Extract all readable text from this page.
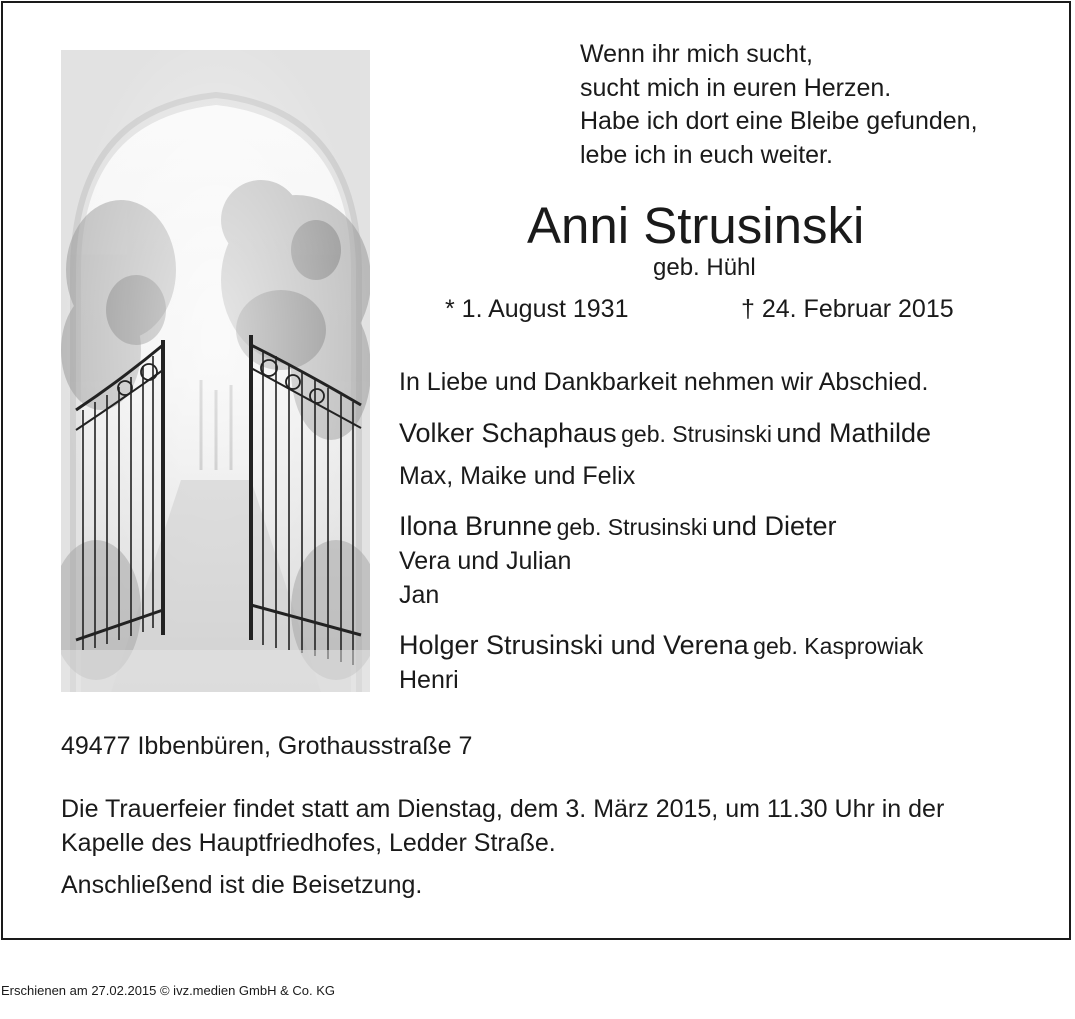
Wenn ihr mich sucht,
sucht mich in euren Herzen.
Habe ich dort eine Bleibe gefunden,
lebe ich in euch weiter.
Anni Strusinski
geb. Hühl
* 1. August 1931	† 24. Februar 2015
In Liebe und Dankbarkeit nehmen wir Abschied.
Volker Schaphaus geb. Strusinski und Mathilde
Max, Maike und Felix
Ilona Brunne geb. Strusinski und Dieter
Vera und Julian
Jan
Holger Strusinski und Verena geb. Kasprowiak
Henri
49477 Ibbenbüren, Grothausstraße 7
Die Trauerfeier findet statt am Dienstag, dem 3. März 2015, um 11.30 Uhr in der
Kapelle des Hauptfriedhofes, Ledder Straße.
Anschließend ist die Beisetzung.
Erschienen am 27.02.2015 © ivz.medien GmbH & Co. KG
